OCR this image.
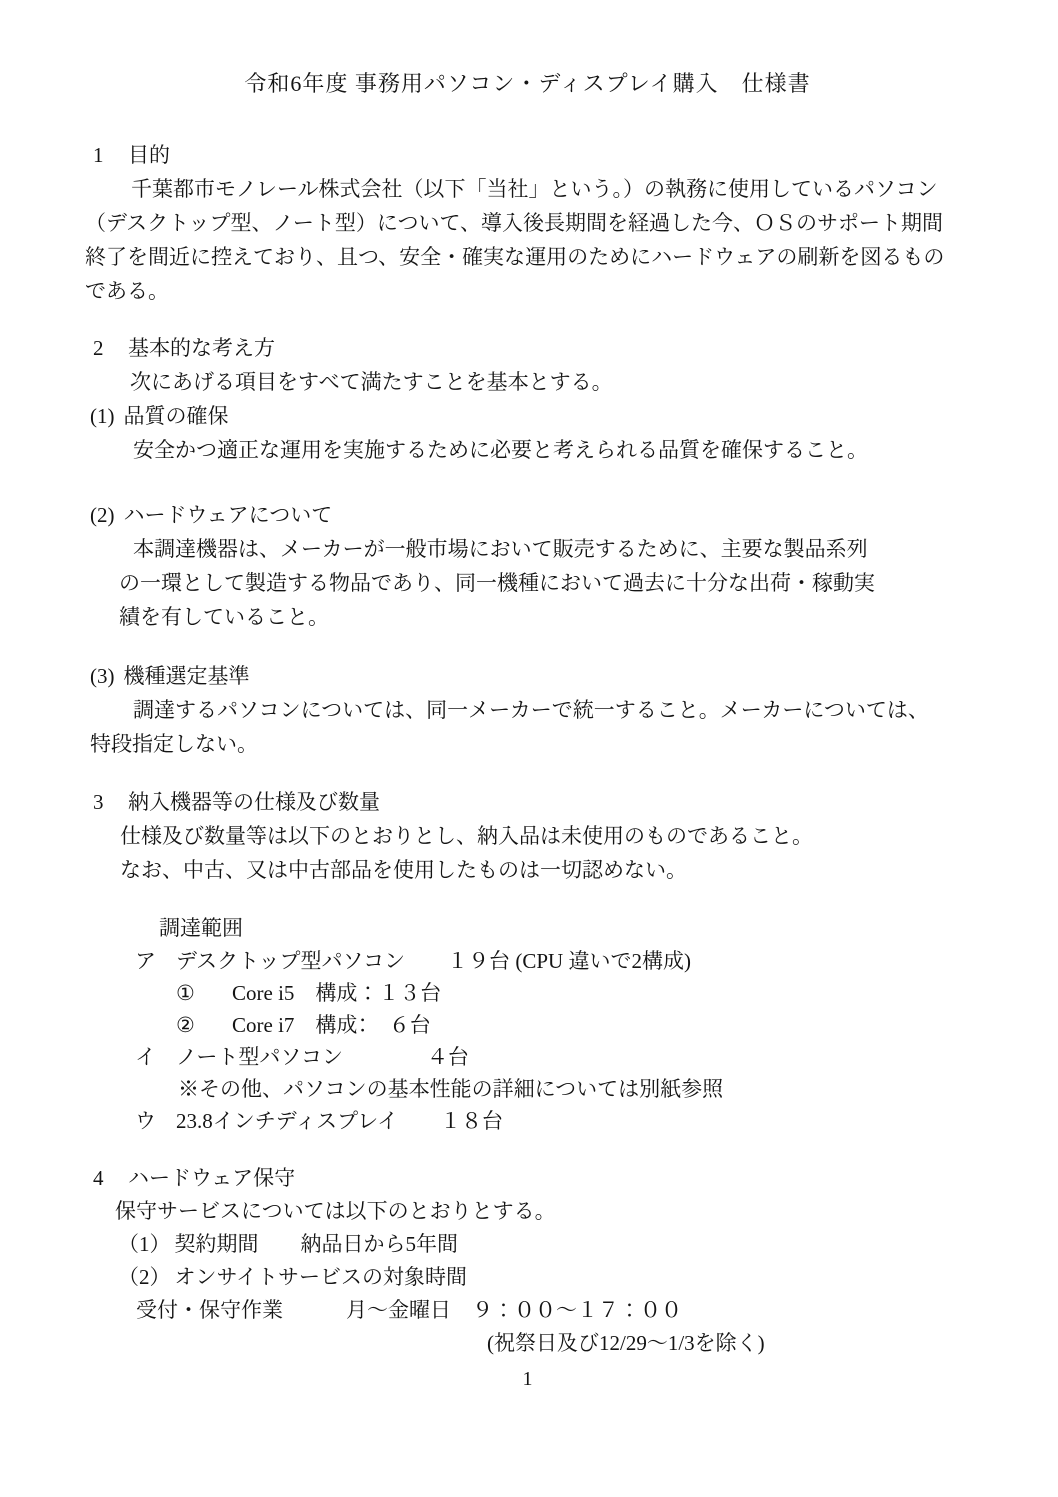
令和6年度 事務用パソコン・ディスプレイ購入　仕様書
1 目的
千葉都市モノレール株式会社（以下「当社」という。）の執務に使用しているパソコン
（デスクトップ型、ノート型）について、導入後長期間を経過した今、ＯＳのサポート期間
終了を間近に控えており、且つ、安全・確実な運用のためにハードウェアの刷新を図るもの
である。
2 基本的な考え方
次にあげる項目をすべて満たすことを基本とする。
(1) 品質の確保
安全かつ適正な運用を実施するために必要と考えられる品質を確保すること。
(2) ハードウェアについて
本調達機器は、メーカーが一般市場において販売するために、主要な製品系列
の一環として製造する物品であり、同一機種において過去に十分な出荷・稼動実
績を有していること。
(3) 機種選定基準
調達するパソコンについては、同一メーカーで統一すること。メーカーについては、
特段指定しない。
3 納入機器等の仕様及び数量
仕様及び数量等は以下のとおりとし、納入品は未使用のものであること。
なお、中古、又は中古部品を使用したものは一切認めない。
調達範囲
ア デスクトップ型パソコン　　１９台 (CPU 違いで2構成)
①	Core i5　構成：１３台
②	Core i7　構成：　６台
イ ノート型パソコン　　　　４台
※その他、パソコンの基本性能の詳細については別紙参照
ウ 23.8インチディスプレイ　　１８台
4 ハードウェア保守
保守サービスについては以下のとおりとする。
（1） 契約期間　　納品日から5年間
（2） オンサイトサービスの対象時間
受付・保守作業　　　月～金曜日　９：００～１７：００
(祝祭日及び12/29～1/3を除く)
1
